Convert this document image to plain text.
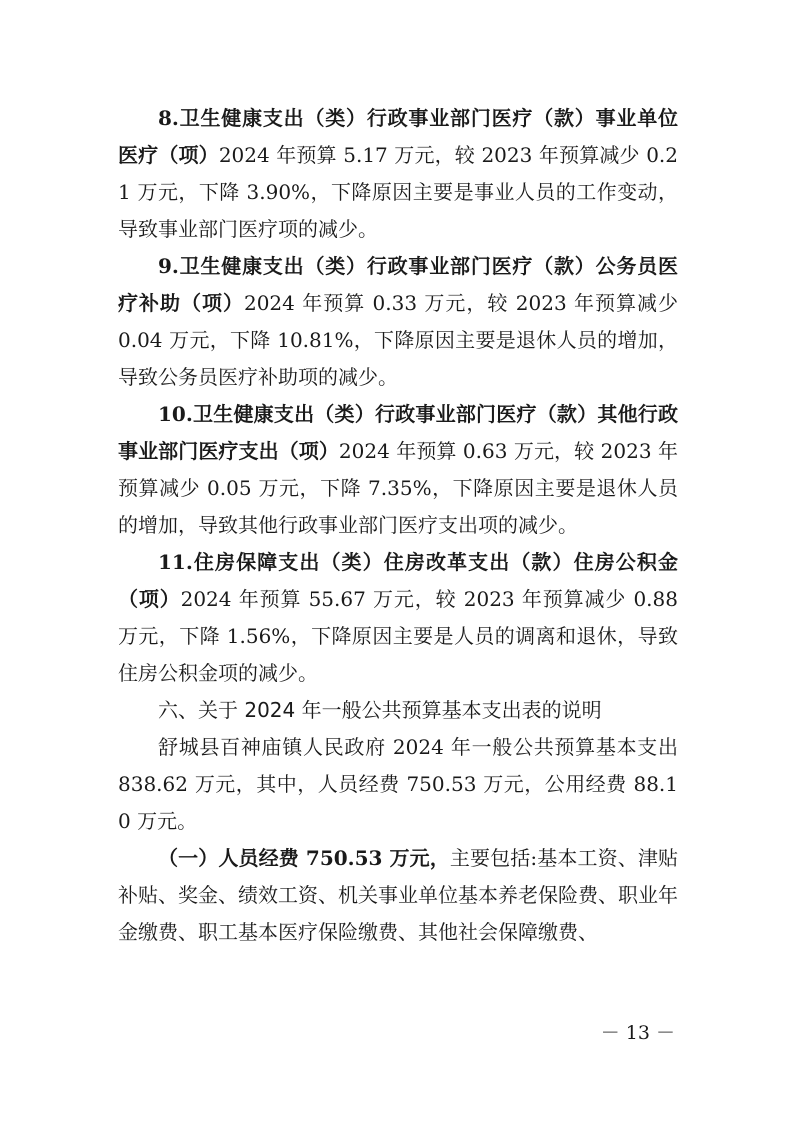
8.卫生健康支出（类）行政事业部门医疗（款）事业单位医疗（项）2024 年预算 5.17 万元，较 2023 年预算减少 0.21 万元，下降 3.90%，下降原因主要是事业人员的工作变动，导致事业部门医疗项的减少。

9.卫生健康支出（类）行政事业部门医疗（款）公务员医疗补助（项）2024 年预算 0.33 万元，较 2023 年预算减少 0.04 万元，下降 10.81%，下降原因主要是退休人员的增加，导致公务员医疗补助项的减少。

10.卫生健康支出（类）行政事业部门医疗（款）其他行政事业部门医疗支出（项）2024 年预算 0.63 万元，较 2023 年预算减少 0.05 万元，下降 7.35%，下降原因主要是退休人员的增加，导致其他行政事业部门医疗支出项的减少。

11.住房保障支出（类）住房改革支出（款）住房公积金（项）2024 年预算 55.67 万元，较 2023 年预算减少 0.88 万元，下降 1.56%，下降原因主要是人员的调离和退休，导致住房公积金项的减少。

六、关于 2024 年一般公共预算基本支出表的说明

舒城县百神庙镇人民政府 2024 年一般公共预算基本支出 838.62 万元，其中，人员经费 750.53 万元，公用经费 88.10 万元。

（一）人员经费 750.53 万元，主要包括:基本工资、津贴补贴、奖金、绩效工资、机关事业单位基本养老保险费、职业年金缴费、职工基本医疗保险缴费、其他社会保障缴费、

－ 13 －
